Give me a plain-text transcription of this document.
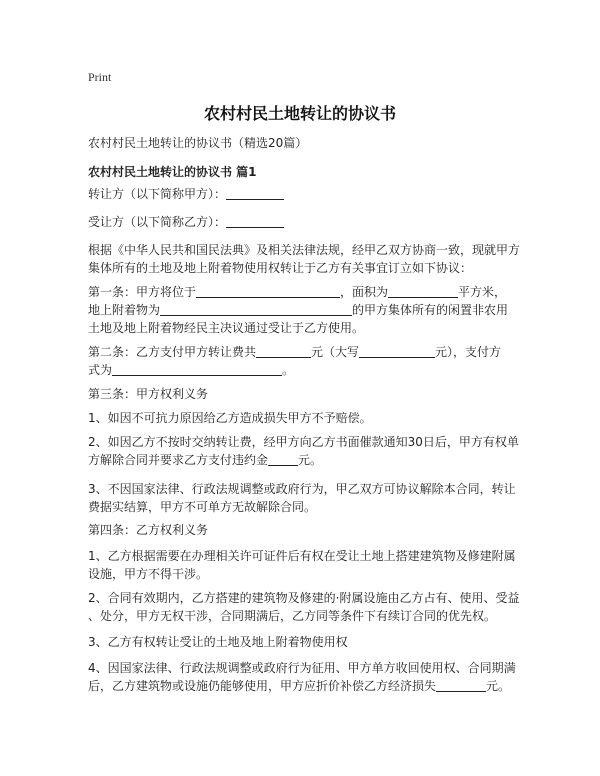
Print
农村村民土地转让的协议书
农村村民土地转让的协议书（精选20篇）
农村村民土地转让的协议书 篇1
转让方（以下简称甲方）：
受让方（以下简称乙方）：
根据《中华人民共和国民法典》及相关法律法规，经甲乙双方协商一致，现就甲方
集体所有的土地及地上附着物使用权转让于乙方有关事宜订立如下协议：
第一条：甲方将位于	，面积为	平方米，
地上附着物为	的甲方集体所有的闲置非农用
土地及地上附着物经民主决议通过受让于乙方使用。
第二条：乙方支付甲方转让费共	元（大写	元），支付方
式为	。
第三条：甲方权利义务
1、如因不可抗力原因给乙方造成损失甲方不予赔偿。
2、如因乙方不按时交纳转让费，经甲方向乙方书面催款通知30日后，甲方有权单
方解除合同并要求乙方支付违约金	元。
3、不因国家法律、行政法规调整或政府行为，甲乙双方可协议解除本合同，转让
费据实结算，甲方不可单方无故解除合同。
第四条：乙方权利义务
1、乙方根据需要在办理相关许可证件后有权在受让土地上搭建建筑物及修建附属
设施，甲方不得干涉。
2、合同有效期内，乙方搭建的建筑物及修建的·附属设施由乙方占有、使用、受益
、处分，甲方无权干涉，合同期满后，乙方同等条件下有续订合同的优先权。
3、乙方有权转让受让的土地及地上附着物使用权
4、因国家法律、行政法规调整或政府行为征用、甲方单方收回使用权、合同期满
后，乙方建筑物或设施仍能够使用，甲方应折价补偿乙方经济损失	元。
